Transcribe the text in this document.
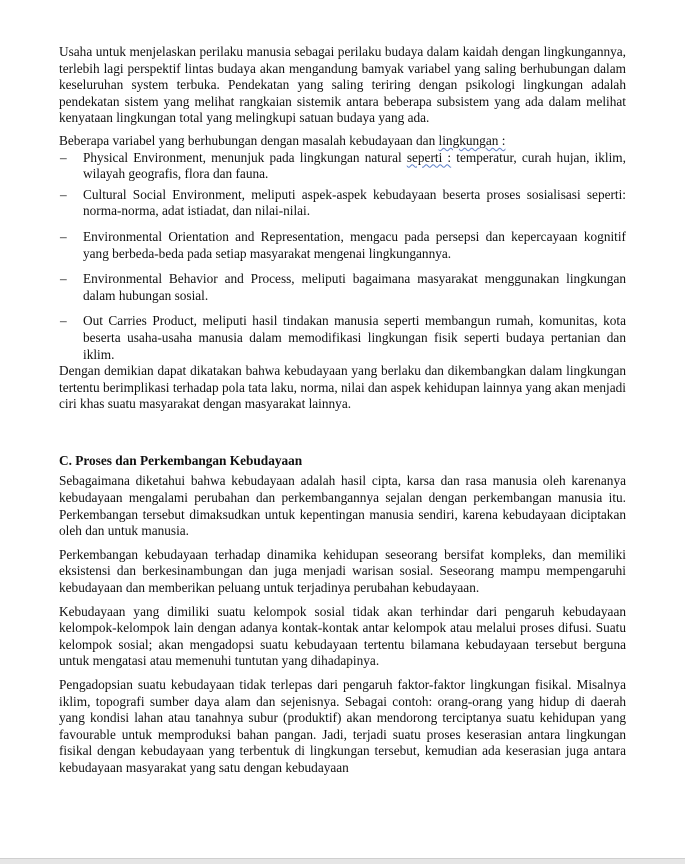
Usaha untuk menjelaskan perilaku manusia sebagai perilaku budaya dalam kaidah dengan lingkungannya, terlebih lagi perspektif lintas budaya akan mengandung bamyak variabel yang saling berhubungan dalam keseluruhan system terbuka. Pendekatan yang saling teriring dengan psikologi lingkungan adalah pendekatan sistem yang melihat rangkaian sistemik antara beberapa subsistem yang ada dalam melihat kenyataan lingkungan total yang melingkupi satuan budaya yang ada.

Beberapa variabel yang berhubungan dengan masalah kebudayaan dan lingkungan :

– Physical Environment, menunjuk pada lingkungan natural seperti : temperatur, curah hujan, iklim, wilayah geografis, flora dan fauna.
– Cultural Social Environment, meliputi aspek-aspek kebudayaan beserta proses sosialisasi seperti: norma-norma, adat istiadat, dan nilai-nilai.
– Environmental Orientation and Representation, mengacu pada persepsi dan kepercayaan kognitif yang berbeda-beda pada setiap masyarakat mengenai lingkungannya.
– Environmental Behavior and Process, meliputi bagaimana masyarakat menggunakan lingkungan dalam hubungan sosial.
– Out Carries Product, meliputi hasil tindakan manusia seperti membangun rumah, komunitas, kota beserta usaha-usaha manusia dalam memodifikasi lingkungan fisik seperti budaya pertanian dan iklim.

Dengan demikian dapat dikatakan bahwa kebudayaan yang berlaku dan dikembangkan dalam lingkungan tertentu berimplikasi terhadap pola tata laku, norma, nilai dan aspek kehidupan lainnya yang akan menjadi ciri khas suatu masyarakat dengan masyarakat lainnya.

C. Proses dan Perkembangan Kebudayaan

Sebagaimana diketahui bahwa kebudayaan adalah hasil cipta, karsa dan rasa manusia oleh karenanya kebudayaan mengalami perubahan dan perkembangannya sejalan dengan perkembangan manusia itu. Perkembangan tersebut dimaksudkan untuk kepentingan manusia sendiri, karena kebudayaan diciptakan oleh dan untuk manusia.

Perkembangan kebudayaan terhadap dinamika kehidupan seseorang bersifat kompleks, dan memiliki eksistensi dan berkesinambungan dan juga menjadi warisan sosial. Seseorang mampu mempengaruhi kebudayaan dan memberikan peluang untuk terjadinya perubahan kebudayaan.

Kebudayaan yang dimiliki suatu kelompok sosial tidak akan terhindar dari pengaruh kebudayaan kelompok-kelompok lain dengan adanya kontak-kontak antar kelompok atau melalui proses difusi. Suatu kelompok sosial; akan mengadopsi suatu kebudayaan tertentu bilamana kebudayaan tersebut berguna untuk mengatasi atau memenuhi tuntutan yang dihadapinya.

Pengadopsian suatu kebudayaan tidak terlepas dari pengaruh faktor-faktor lingkungan fisikal. Misalnya iklim, topografi sumber daya alam dan sejenisnya. Sebagai contoh: orang-orang yang hidup di daerah yang kondisi lahan atau tanahnya subur (produktif) akan mendorong terciptanya suatu kehidupan yang favourable untuk memproduksi bahan pangan. Jadi, terjadi suatu proses keserasian antara lingkungan fisikal dengan kebudayaan yang terbentuk di lingkungan tersebut, kemudian ada keserasian juga antara kebudayaan masyarakat yang satu dengan kebudayaan
